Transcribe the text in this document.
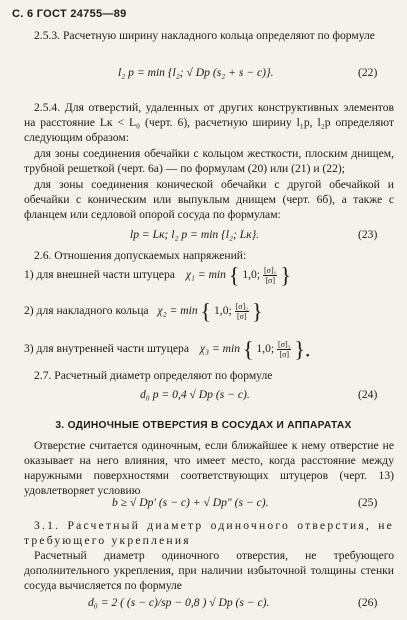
С. 6 ГОСТ 24755—89

2.5.3. Расчетную ширину накладного кольца определяют по формуле

l₂ р = min {l₂; √ Dр (s₂ + s − c)}.	(22)

2.5.4. Для отверстий, удаленных от других конструктивных элементов на расстояние Lк < L₀ (черт. 6), расчетную ширину l₁р, l₂р определяют следующим образом:

для зоны соединения обечайки с кольцом жесткости, плоским днищем, трубной решеткой (черт. 6а) — по формулам (20) или (21) и (22);

для зоны соединения конической обечайки с другой обечайкой и обечайки с коническим или выпуклым днищем (черт. 6б), а также с фланцем или седловой опорой сосуда по формулам:

lр = Lк; l₂ р = min {l₂; Lк}.	(23)

2.6. Отношения допускаемых напряжений:

1) для внешней части штуцера χ₁ = min { 1,0; $\frac{\text{[σ]₁}}{[\sigma]}$ }
2) для накладного кольца χ₂ = min { 1,0; $\frac{\text{[σ]₂}}{[\sigma]}$ }
3) для внутренней части штуцера χ₃ = min { 1,0; $\frac{\text{[σ]₃}}{[\sigma]}$ }.

2.7. Расчетный диаметр определяют по формуле

d₀ р = 0,4 √ Dр (s − c).	(24)
3. ОДИНОЧНЫЕ ОТВЕРСТИЯ В СОСУДАХ И АППАРАТАХ

Отверстие считается одиночным, если ближайшее к нему отверстие не оказывает на него влияния, что имеет место, когда расстояние между наружными поверхностями соответствующих штуцеров (черт. 13) удовлетворяет условию

b ≥ √ Dр′ (s − c) + √ Dр″ (s − c).	(25)

3.1. Расчетный диаметр одиночного отверстия, не требующего укрепления

Расчетный диаметр одиночного отверстия, не требующего дополнительного укрепления, при наличии избыточной толщины стенки сосуда вычисляется по формуле

d₀ = 2 ( (s − c)/sр − 0,8 ) √ Dр (s − c).	(26)
